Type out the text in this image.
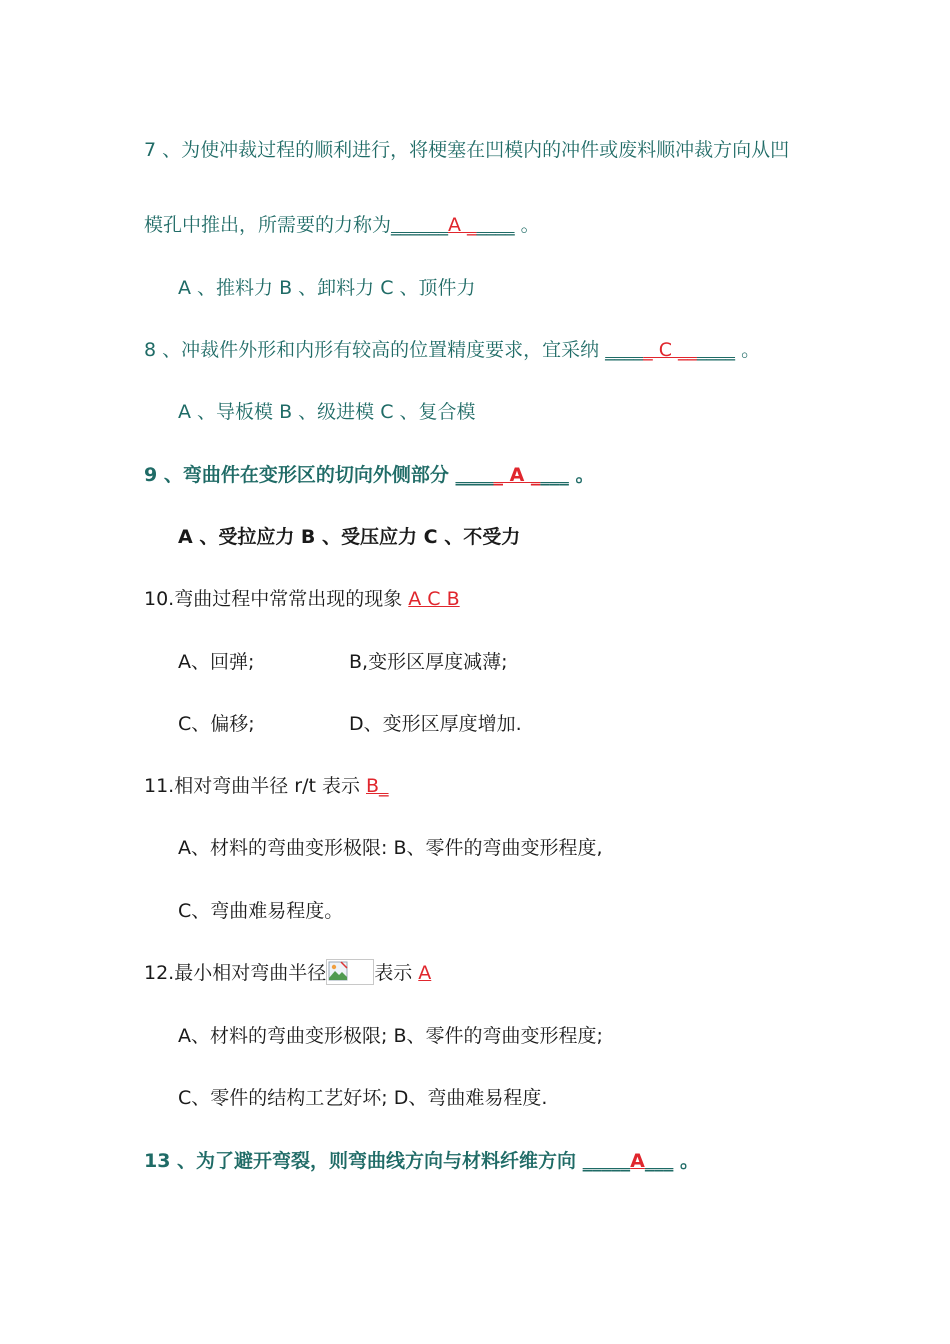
7 、为使冲裁过程的顺利进行，将梗塞在凹模内的冲件或废料顺冲裁方向从凹
模孔中推出，所需要的力称为______A _____ 。
A 、推料力 B 、卸料力 C 、顶件力
8 、冲裁件外形和内形有较高的位置精度要求，宜采纳 _____ C ______ 。
A 、导板模 B 、级进模 C 、复合模
9 、弯曲件在变形区的切向外侧部分 _____ A ____ 。
A 、受拉应力 B 、受压应力 C 、不受力
10.弯曲过程中常常出现的现象 A C B
A、回弹;	B,变形区厚度减薄;
C、偏移;	D、变形区厚度增加.
11.相对弯曲半径 r/t 表示 B_
A、材料的弯曲变形极限: B、零件的弯曲变形程度,
C、弯曲难易程度。
12.最小相对弯曲半径	表示 A
A、材料的弯曲变形极限; B、零件的弯曲变形程度;
C、零件的结构工艺好坏; D、弯曲难易程度.
13 、为了避开弯裂，则弯曲线方向与材料纤维方向 _____A___ 。
